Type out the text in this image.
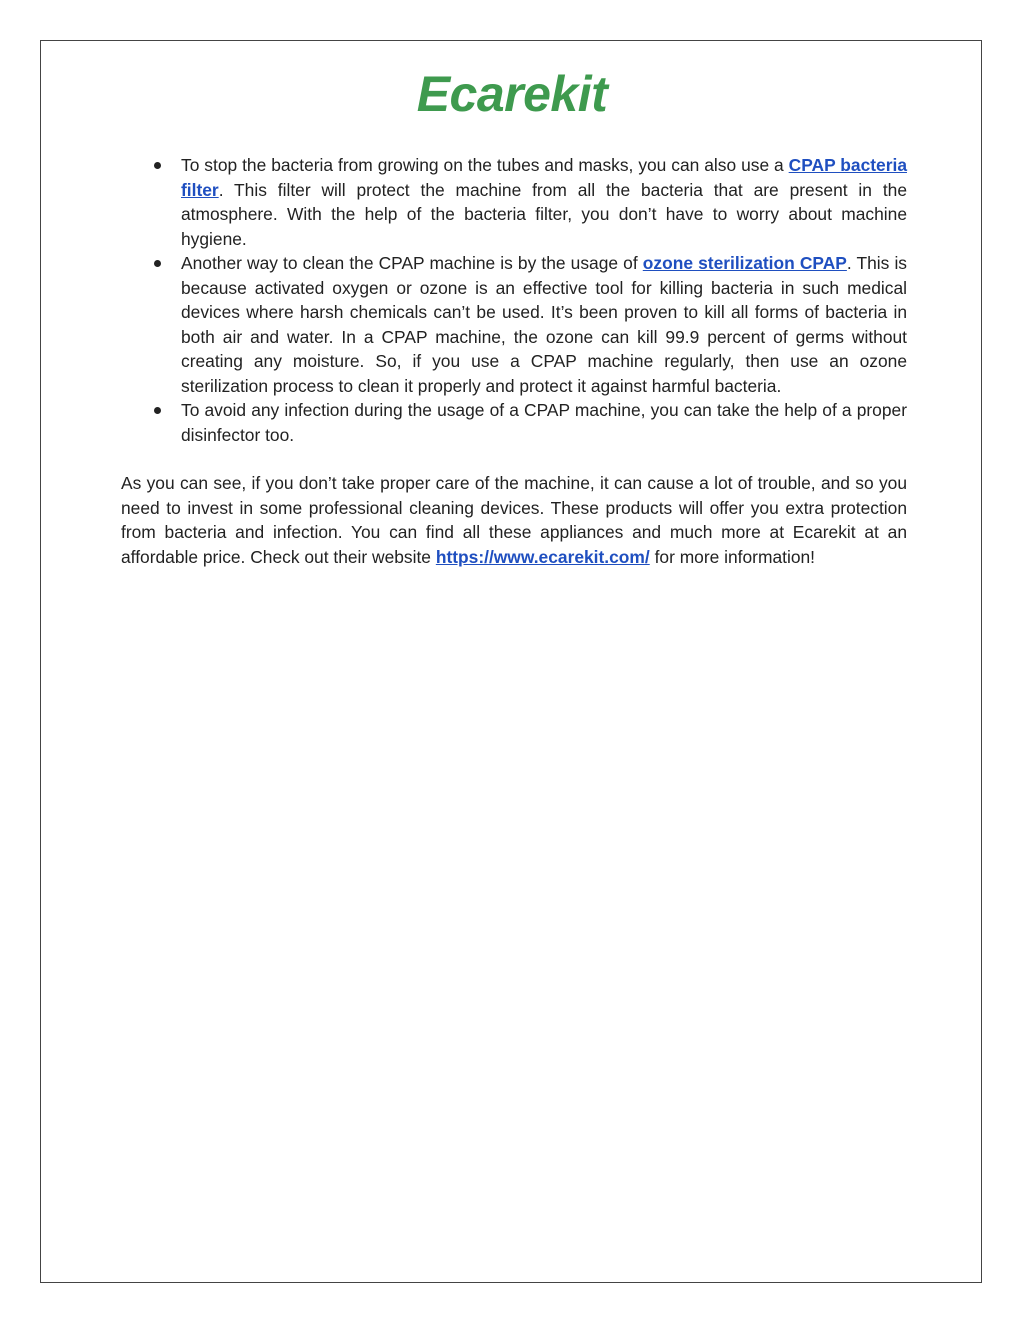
Ecarekit
To stop the bacteria from growing on the tubes and masks, you can also use a CPAP bacteria filter. This filter will protect the machine from all the bacteria that are present in the atmosphere. With the help of the bacteria filter, you don’t have to worry about machine hygiene.
Another way to clean the CPAP machine is by the usage of ozone sterilization CPAP. This is because activated oxygen or ozone is an effective tool for killing bacteria in such medical devices where harsh chemicals can’t be used. It’s been proven to kill all forms of bacteria in both air and water. In a CPAP machine, the ozone can kill 99.9 percent of germs without creating any moisture. So, if you use a CPAP machine regularly, then use an ozone sterilization process to clean it properly and protect it against harmful bacteria.
To avoid any infection during the usage of a CPAP machine, you can take the help of a proper disinfector too.

As you can see, if you don’t take proper care of the machine, it can cause a lot of trouble, and so you need to invest in some professional cleaning devices. These products will offer you extra protection from bacteria and infection. You can find all these appliances and much more at Ecarekit at an affordable price. Check out their website https://www.ecarekit.com/ for more information!
